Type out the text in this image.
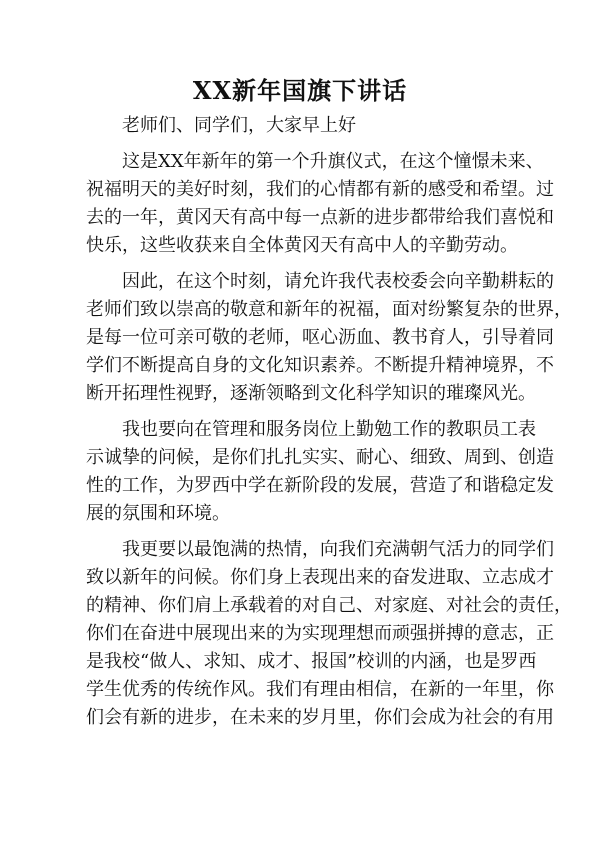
XX新年国旗下讲话
老师们、同学们，大家早上好
这是XX年新年的第一个升旗仪式，在这个憧憬未来、
祝福明天的美好时刻，我们的心情都有新的感受和希望。过
去的一年，黄冈天有高中每一点新的进步都带给我们喜悦和
快乐，这些收获来自全体黄冈天有高中人的辛勤劳动。
因此，在这个时刻，请允许我代表校委会向辛勤耕耘的
老师们致以崇高的敬意和新年的祝福，面对纷繁复杂的世界，
是每一位可亲可敬的老师，呕心沥血、教书育人，引导着同
学们不断提高自身的文化知识素养。不断提升精神境界，不
断开拓理性视野，逐渐领略到文化科学知识的璀璨风光。
我也要向在管理和服务岗位上勤勉工作的教职员工表
示诚挚的问候，是你们扎扎实实、耐心、细致、周到、创造
性的工作，为罗西中学在新阶段的发展，营造了和谐稳定发
展的氛围和环境。
我更要以最饱满的热情，向我们充满朝气活力的同学们
致以新年的问候。你们身上表现出来的奋发进取、立志成才
的精神、你们肩上承载着的对自己、对家庭、对社会的责任，
你们在奋进中展现出来的为实现理想而顽强拼搏的意志，正
是我校“做人、求知、成才、报国”校训的内涵，也是罗西
学生优秀的传统作风。我们有理由相信，在新的一年里，你
们会有新的进步，在未来的岁月里，你们会成为社会的有用
